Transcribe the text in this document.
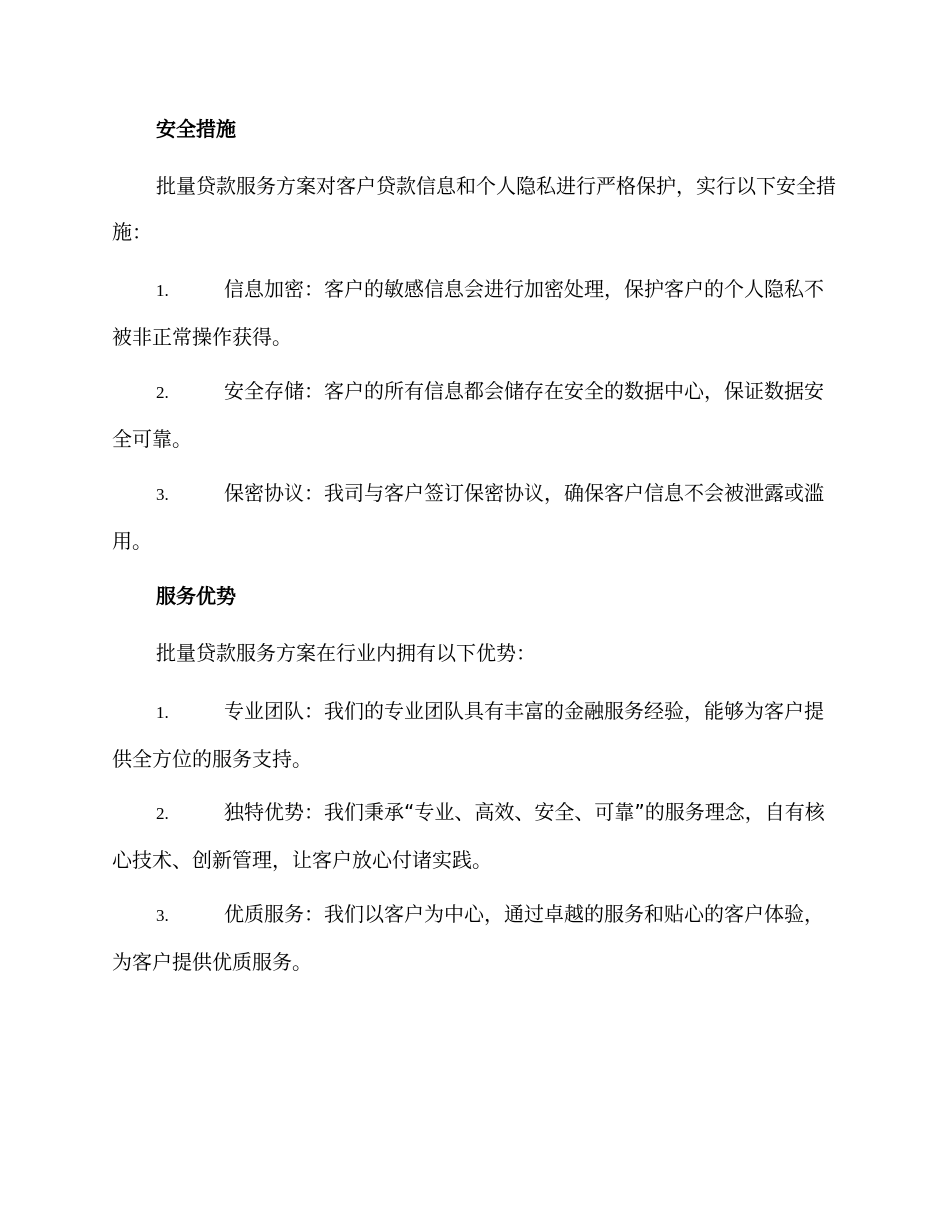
安全措施

批量贷款服务方案对客户贷款信息和个人隐私进行严格保护，实行以下安全措施：

1.	信息加密：客户的敏感信息会进行加密处理，保护客户的个人隐私不被非正常操作获得。

2.	安全存储：客户的所有信息都会储存在安全的数据中心，保证数据安全可靠。

3.	保密协议：我司与客户签订保密协议，确保客户信息不会被泄露或滥用。

服务优势

批量贷款服务方案在行业内拥有以下优势：

1.	专业团队：我们的专业团队具有丰富的金融服务经验，能够为客户提供全方位的服务支持。

2.	独特优势：我们秉承“专业、高效、安全、可靠”的服务理念，自有核心技术、创新管理，让客户放心付诸实践。

3.	优质服务：我们以客户为中心，通过卓越的服务和贴心的客户体验，为客户提供优质服务。
